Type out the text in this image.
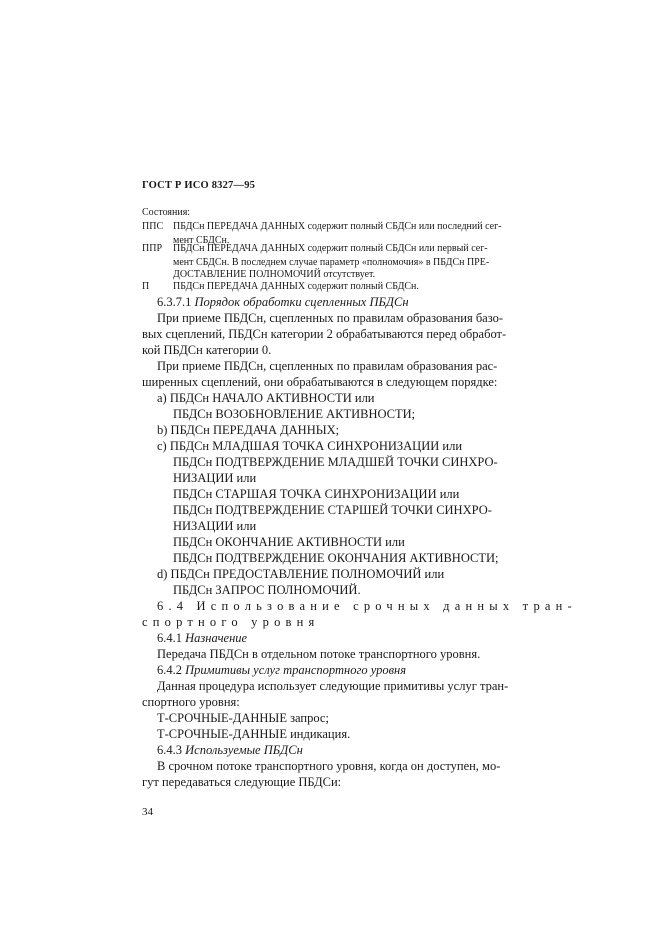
ГОСТ Р ИСО 8327—95
Состояния:
ППС ПБДСн ПЕРЕДАЧА ДАННЫХ содержит полный СБДСн или последний сег-
мент СБДСн.
ППР ПБДСн ПЕРЕДАЧА ДАННЫХ содержит полный СБДСн или первый сег-
мент СБДСн. В последнем случае параметр «полномочия» в ПБДСн ПРЕ-
ДОСТАВЛЕНИЕ ПОЛНОМОЧИЙ отсутствует.
П ПБДСн ПЕРЕДАЧА ДАННЫХ содержит полный СБДСн.
6.3.7.1 Порядок обработки сцепленных ПБДСн
При приеме ПБДСн, сцепленных по правилам образования базо-
вых сцеплений, ПБДСн категории 2 обрабатываются перед обработ-
кой ПБДСн категории 0.
При приеме ПБДСн, сцепленных по правилам образования рас-
ширенных сцеплений, они обрабатываются в следующем порядке:
a) ПБДСн НАЧАЛО АКТИВНОСТИ или
ПБДСн ВОЗОБНОВЛЕНИЕ АКТИВНОСТИ;
b) ПБДСн ПЕРЕДАЧА ДАННЫХ;
c) ПБДСн МЛАДШАЯ ТОЧКА СИНХРОНИЗАЦИИ или
ПБДСн ПОДТВЕРЖДЕНИЕ МЛАДШЕЙ ТОЧКИ СИНХРО-
НИЗАЦИИ или
ПБДСн СТАРШАЯ ТОЧКА СИНХРОНИЗАЦИИ или
ПБДСн ПОДТВЕРЖДЕНИЕ СТАРШЕЙ ТОЧКИ СИНХРО-
НИЗАЦИИ или
ПБДСн ОКОНЧАНИЕ АКТИВНОСТИ или
ПБДСн ПОДТВЕРЖДЕНИЕ ОКОНЧАНИЯ АКТИВНОСТИ;
d) ПБДСн ПРЕДОСТАВЛЕНИЕ ПОЛНОМОЧИЙ или
ПБДСн ЗАПРОС ПОЛНОМОЧИЙ.
6.4 Использование срочных данных тран-
спортного уровня
6.4.1 Назначение
Передача ПБДСн в отдельном потоке транспортного уровня.
6.4.2 Примитивы услуг транспортного уровня
Данная процедура использует следующие примитивы услуг тран-
спортного уровня:
Т-СРОЧНЫЕ-ДАННЫЕ запрос;
Т-СРОЧНЫЕ-ДАННЫЕ индикация.
6.4.3 Используемые ПБДСн
В срочном потоке транспортного уровня, когда он доступен, мо-
гут передаваться следующие ПБДСи:
34
